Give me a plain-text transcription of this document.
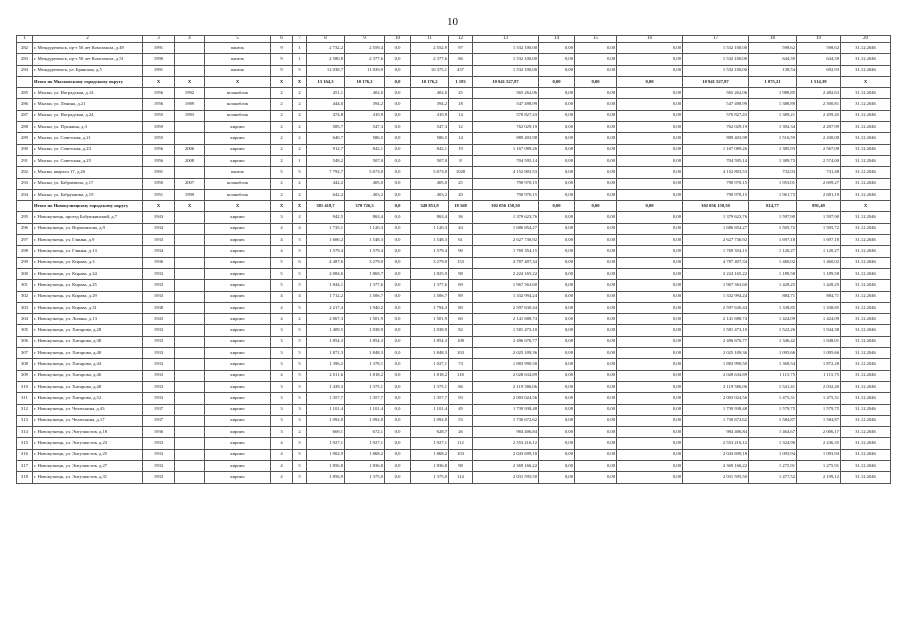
10
1	2	3	4	5	6	7	8	9	10	11	12	13	14	15	16	17	18	19	20
282	г. Междуреченск, пр-т 50 лет Комсомола, д.49	1991		панель	9	1	2 732,2	2 559,4	0,0	2 552,9	97	1 532 100,00	0,00	0,00	0,00	1 532 100,00	598,62	598,62	31.12.2046
283	г. Междуреченск, пр-т 50 лет Комсомола, д.51	1990		панель	9	1	2 580,8	2 377,6	0,0	2 377,6	86	1 532 100,00	0,00	0,00	0,00	1 532 100,00	644,39	644,39	31.12.2046
284	г. Междуреченск, ул. Брянская, д.5	1991		панель	9	5	12 038,7	11 039,0	0,0	10 375,1	437	1 532 100,00	0,00	0,00	0,00	1 532 100,00	138,54	692,93	31.12.2046
	Итого по Мысковскому городскому округу	X	X	X	X	X	13 164,3	10 176,2	0,0	10 176,2	1 183	10 941 527,87	0,00	0,00	0,00	10 941 527,87	1 075,21	1 514,39	X
285	г. Мыски, ул. Ноградская, д.14	1956	1992	шлакоблок	2	2	451,1	402,0	0,0	402,0	25	565 262,06	0,00	0,00	0,00	565 262,06	1 988,85	2 482,63	31.12.2046
286	г. Мыски, ул. Ленина, д.21	1956	1989	шлакоблок	2	2	444,0	394,2	0,0	394,2	18	547 498,99	0,00	0,00	0,00	547 498,99	1 388,89	2 500,81	31.12.2046
287	г. Мыски, ул. Ноградская, д.24	1955	1993	шлакоблок	2	2	474,8	410,9	0,0	410,9	14	570 827,43	0,00	0,00	0,00	570 827,43	1 389,21	2 459,45	31.12.2046
288	г. Мыски, ул. Пушкина, д.3	1959		кирпич	2	2	585,7	547,3	0,0	547,3	12	762 029,19	0,00	0,00	0,00	762 029,19	1 392,34	2 207,99	31.12.2046
289	г. Мыски, ул. Советская, д.21	1955		кирпич	2	2	640,7	586,5	0,0	586,5	14	889 403,98	0,00	0,00	0,00	889 403,98	1 516,59	2 430,00	31.12.2046
290	г. Мыски, ул. Советская, д.23	1956	2006	кирпич	2	2	912,7	842,1	0,0	842,1	19	1 167 089,26	0,00	0,00	0,00	1 167 089,26	1 385,93	2 567,08	31.12.2046
291	г. Мыски, ул. Советская, д.25	1956	2008	кирпич	2	1	548,2	507,0	0,0	507,0	8	704 595,14	0,00	0,00	0,00	704 595,14	1 389,73	2 574,00	31.12.2046
292	г. Мыски, квартал 17, д.26	1991		панель	5	5	7 792,7	5 673,0	0,0	5 673,0	1028	4 152 803,53	0,00	0,00	0,00	4 152 803,53	732,03	741,48	31.12.2046
293	г. Мыски, ул. Бабраевича, д.17	1950	2007	шлакоблок	2	2	442,2	405,0	0,0	405,0	25	790 970,15	0,00	0,00	0,00	790 970,15	1 953,01	2 699,27	31.12.2046
294	г. Мыски, ул. Бабрункова, д.19	1951	1999	шлакоблок	2	2	642,2	403,2	0,0	403,2	20	790 970,15	0,00	0,00	0,00	790 970,15	1 961,73	2 681,19	31.12.2046
	Итого по Новокузнецкому городскому округу	X	X	X	X	X	381 418,7	370 726,5	0,0	349 851,9	18 168	302 056 158,50	0,00	0,00	0,00	302 056 158,50	814,77	891,49	X
295	г. Новокузнецк, проезд Бабушкинский, д.7	1943		кирпич	3	2	942,5	863,4	0,0	863,4	36	1 379 623,76	0,00	0,00	0,00	1 379 623,76	1 597,90	1 597,90	31.12.2046
296	г. Новокузнецк, ул. Ворошилова, д.9	1934		кирпич	4	4	1 735,1	1 120,3	0,0	1 120,3	44	1 686 854,27	0,00	0,00	0,00	1 686 854,27	1 505,72	1 505,72	31.12.2046
297	г. Новокузнецк, ул. Глинки, д.9	1933		кирпич	4	5	1 606,2	1 548,3	0,0	1 548,3	61	2 627 736,92	0,00	0,00	0,00	2 627 736,92	1 697,18	1 697,18	31.12.2046
298	г. Новокузнецк, ул. Глинки, д.13	1934		кирпич	4	5	1 579,4	1 579,4	0,0	1 579,4	90	1 769 354,15	0,00	0,00	0,00	1 769 354,15	1 120,27	1 120,27	31.12.2046
299	г. Новокузнецк, ул. Кирова, д.3	1936		кирпич	5	6	4 487,6	3 279,0	0,0	3 279,0	153	4 787 407,34	0,00	0,00	0,00	4 787 407,34	1 460,02	1 460,02	31.12.2046
300	г. Новокузнецк, ул. Кирова, д.24	1933		кирпич	5	5	2 084,6	1 869,7	0,0	1 825,9	98	2 224 165,22	0,00	0,00	0,00	2 224 165,22	1 189,58	1 189,58	31.12.2046
301	г. Новокузнецк, ул. Кирова, д.25	1933		кирпич	5	5	1 844,1	1 377,6	0,0	1 377,6	69	1 967 563,60	0,00	0,00	0,00	1 967 563,60	1 428,25	1 428,25	31.12.2046
302	г. Новокузнецк, ул. Кирова, д.29	1933		кирпич	4	4	1 712,2	1 506,7	0,0	1 506,7	89	1 332 994,24	0,00	0,00	0,00	1 332 994,24	884,71	884,71	31.12.2046
303	г. Новокузнецк, ул. Кирова, д.31	1938		кирпич	4	5	2 217,4	1 940,2	0,0	1 794,3	80	2 597 630,44	0,00	0,00	0,00	2 597 630,44	1 338,85	1 338,85	31.12.2046
304	г. Новокузнецк, ул. Лизина, д.13	1943		кирпич	4	2	2 067,3	1 501,9	0,0	1 501,9	60	2 141 688,74	0,00	0,00	0,00	2 141 688,74	1 424,09	1 424,09	31.12.2046
305	г. Новокузнецк, ул. Хитарова, д.28	1933		кирпич	3	5	1 409,5	1 038,9	0,0	1 038,9	82	1 581 473,10	0,00	0,00	0,00	1 581 473,10	1 522,26	1 944,38	31.12.2046
306	г. Новокузнецк, ул. Хитарова, д.38	1933		кирпич	3	5	1 854,3	1 854,3	0,0	1 854,3	108	2 496 676,77	0,00	0,00	0,00	2 496 676,77	1 346,42	1 848,01	31.12.2046
307	г. Новокузнецк, ул. Хитарова, д.40	1933		кирпич	3	5	1 871,3	1 848,3	0,0	1 848,3	103	2 025 109,36	0,00	0,00	0,00	2 025 109,36	1 095,66	1 095,66	31.12.2046
308	г. Новокузнецк, ул. Хитарова, д.44	1933		кирпич	3	5	1 396,2	1 378,1	0,0	1 027,1	74	1 883 990,50	0,00	0,00	0,00	1 883 990,50	1 368,54	1 872,28	31.12.2046
309	г. Новокузнецк, ул. Хитарова, д.46	1933		кирпич	4	5	2 011,6	1 818,2	0,0	1 818,2	118	2 028 634,89	0,00	0,00	0,00	2 028 634,89	1 115,75	1 115,75	31.12.2046
310	г. Новокузнецк, ул. Хитарова, д.48	1933		кирпич	3	5	1 439,3	1 375,1	0,0	1 375,1	86	2 119 586,06	0,00	0,00	0,00	2 119 586,06	1 541,41	2 032,40	31.12.2046
311	г. Новокузнецк, ул. Хитарова, д.52	1933		кирпич	3	5	1 357,7	1 357,7	0,0	1 357,7	93	2 003 024,56	0,00	0,00	0,00	2 003 024,56	1 475,31	1 475,31	31.12.2046
312	г. Новокузнецк, ул. Челюскина, д.43	1937		кирпич	3	3	1 101,4	1 101,4	0,0	1 101,4	49	1 739 938,48	0,00	0,00	0,00	1 739 938,48	1 579,75	1 579,75	31.12.2046
313	г. Новокузнецк, ул. Челюскина, д.17	1937		кирпич	3	3	1 092,0	1 092,0	0,0	1 092,0	53	1 730 672,62	0,00	0,00	0,00	1 730 672,62	1 584,87	1 584,87	31.12.2046
314	г. Новокузнецк, ул. Энтузиастов, д.18	1936		кирпич	3	2	669,1	672,1	0,0	628,7	26	984 406,84	0,00	0,00	0,00	984 406,84	1 464,67	2 006,17	31.12.2046
315	г. Новокузнецк, ул. Энтузиастов, д.23	1933		кирпич	4	5	1 927,1	1 927,1	0,0	1 927,1	112	2 553 216,12	0,00	0,00	0,00	2 553 216,12	1 324,90	2 236,35	31.12.2046
316	г. Новокузнецк, ул. Энтузиастов, д.25	1933		кирпич	4	5	1 902,9	1 868,2	0,0	1 868,2	103	2 043 699,18	0,00	0,00	0,00	2 043 699,18	1 093,94	1 093,94	31.12.2046
317	г. Новокузнецк, ул. Энтузиастов, д.27	1933		кирпич	4	5	1 856,8	1 836,8	0,0	1 836,8	98	2 369 166,22	0,00	0,00	0,00	2 369 166,22	1 275,91	1 275,91	31.12.2046
318	г. Новокузнецк, ул. Энтузиастов, д.31	1933		кирпич	4	5	1 856,9	1 375,0	0,0	1 375,0	114	2 031 595,50	0,00	0,00	0,00	2 031 595,50	1 477,52	2 199,12	31.12.2046
